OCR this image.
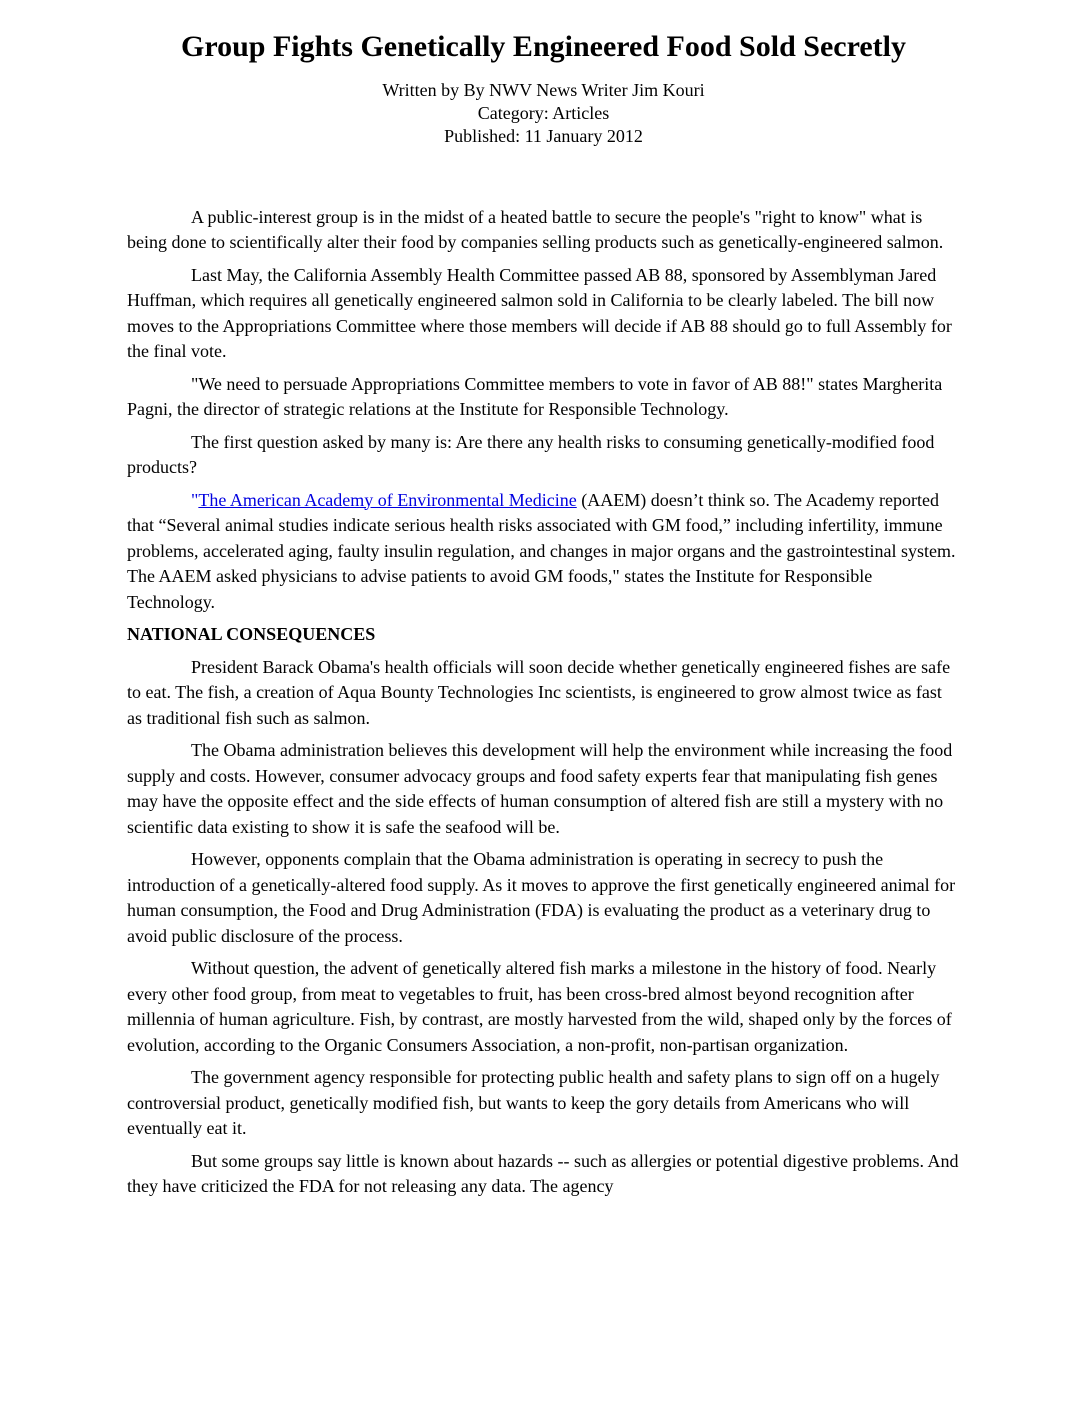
Group Fights Genetically Engineered Food Sold Secretly
Written by By NWV News Writer Jim Kouri
Category: Articles
Published: 11 January 2012

A public-interest group is in the midst of a heated battle to secure the people's "right to know" what is being done to scientifically alter their food by companies selling products such as genetically-engineered salmon.

Last May, the California Assembly Health Committee passed AB 88, sponsored by Assemblyman Jared Huffman, which requires all genetically engineered salmon sold in California to be clearly labeled. The bill now moves to the Appropriations Committee where those members will decide if AB 88 should go to full Assembly for the final vote.

"We need to persuade Appropriations Committee members to vote in favor of AB 88!" states Margherita Pagni, the director of strategic relations at the Institute for Responsible Technology.

The first question asked by many is: Are there any health risks to consuming genetically-modified food products?

"The American Academy of Environmental Medicine (AAEM) doesn’t think so. The Academy reported that “Several animal studies indicate serious health risks associated with GM food,” including infertility, immune problems, accelerated aging, faulty insulin regulation, and changes in major organs and the gastrointestinal system. The AAEM asked physicians to advise patients to avoid GM foods," states the Institute for Responsible Technology.

NATIONAL CONSEQUENCES

President Barack Obama's health officials will soon decide whether genetically engineered fishes are safe to eat. The fish, a creation of Aqua Bounty Technologies Inc scientists, is engineered to grow almost twice as fast as traditional fish such as salmon.

The Obama administration believes this development will help the environment while increasing the food supply and costs. However, consumer advocacy groups and food safety experts fear that manipulating fish genes may have the opposite effect and the side effects of human consumption of altered fish are still a mystery with no scientific data existing to show it is safe the seafood will be.

However, opponents complain that the Obama administration is operating in secrecy to push the introduction of a genetically-altered food supply. As it moves to approve the first genetically engineered animal for human consumption, the Food and Drug Administration (FDA) is evaluating the product as a veterinary drug to avoid public disclosure of the process.

Without question, the advent of genetically altered fish marks a milestone in the history of food. Nearly every other food group, from meat to vegetables to fruit, has been cross-bred almost beyond recognition after millennia of human agriculture. Fish, by contrast, are mostly harvested from the wild, shaped only by the forces of evolution, according to the Organic Consumers Association, a non-profit, non-partisan organization.

The government agency responsible for protecting public health and safety plans to sign off on a hugely controversial product, genetically modified fish, but wants to keep the gory details from Americans who will eventually eat it.

But some groups say little is known about hazards -- such as allergies or potential digestive problems. And they have criticized the FDA for not releasing any data. The agency
